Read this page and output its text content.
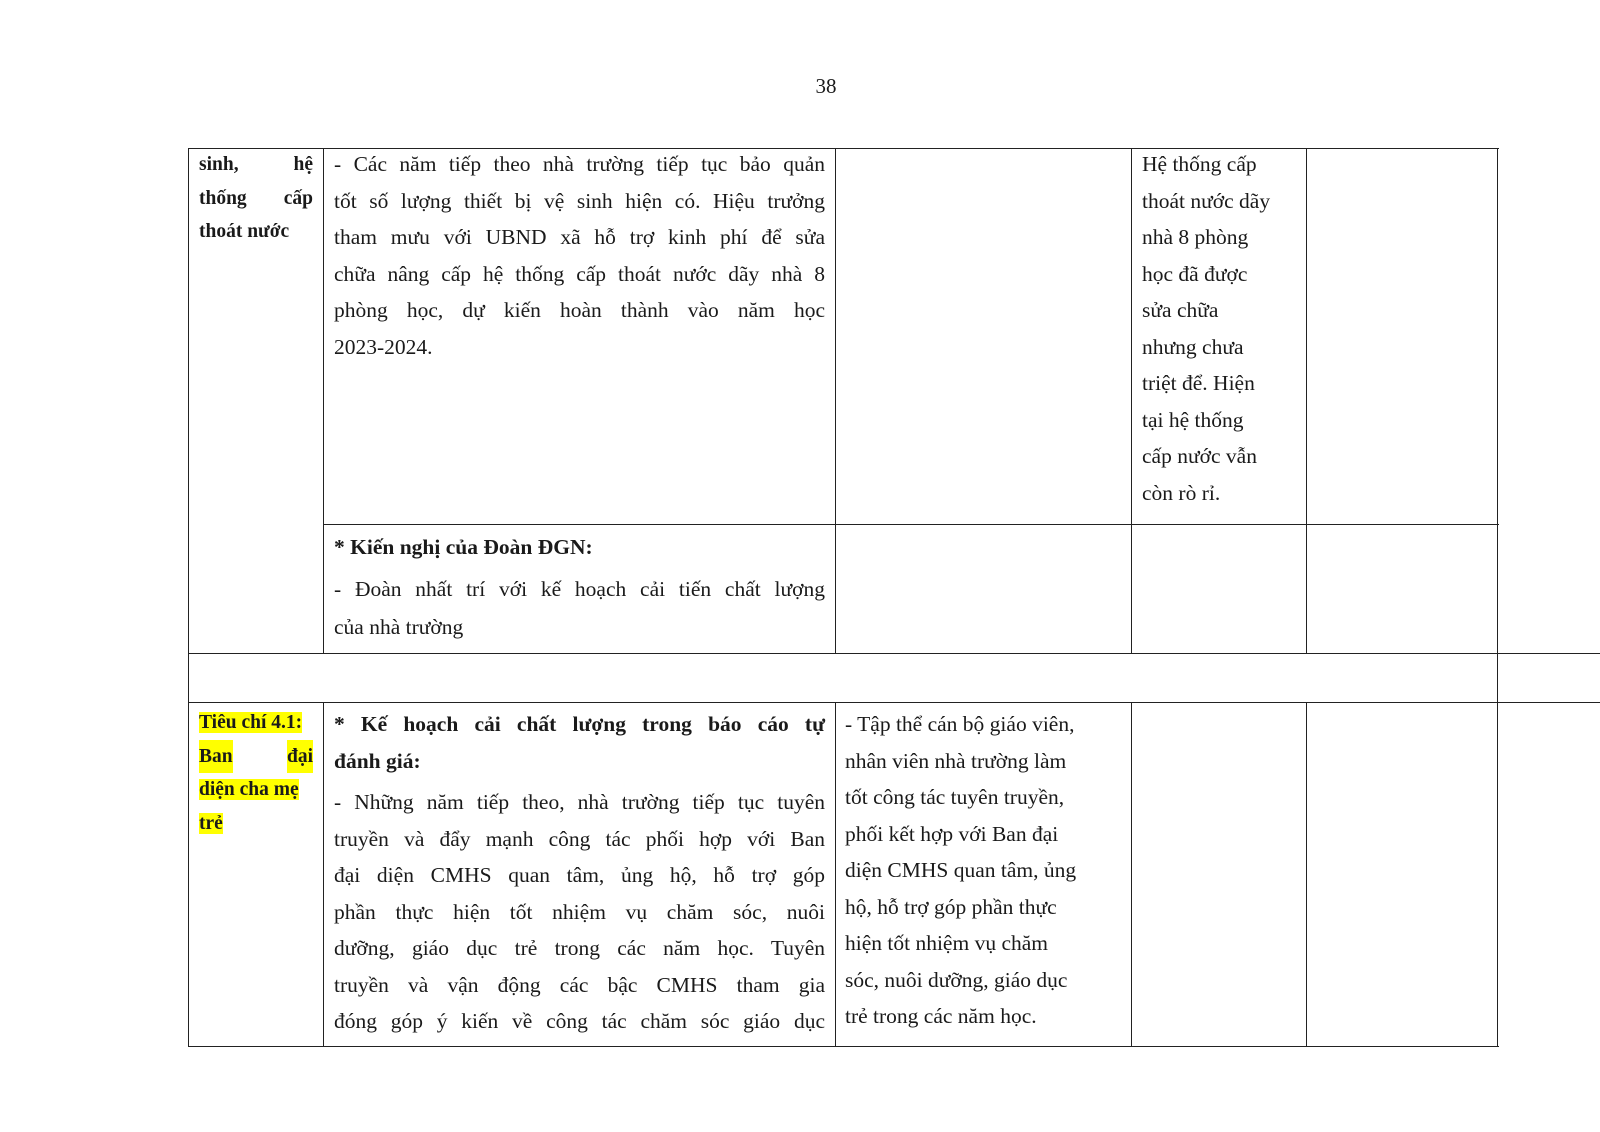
38
sinh,	hệ
thống cấp
thoát nước

- Các năm tiếp theo nhà trường tiếp tục bảo quản

tốt số lượng thiết bị vệ sinh hiện có. Hiệu trưởng

tham mưu với UBND xã hỗ trợ kinh phí để sửa

chữa nâng cấp hệ thống cấp thoát nước dãy nhà 8

phòng học, dự kiến hoàn thành vào năm học

2023-2024.

Hệ thống cấp

thoát nước dãy

nhà 8 phòng

học đã được

sửa chữa

nhưng chưa

triệt để. Hiện

tại hệ thống

cấp nước vẫn

còn rò rỉ.

* Kiến nghị của Đoàn ĐGN:

- Đoàn nhất trí với kế hoạch cải tiến chất lượng

của nhà trường

Tiêu chí 4.1:
Ban	đại
diện cha mẹ
trẻ

* Kế hoạch cải chất lượng trong báo cáo tự

đánh giá:

- Những năm tiếp theo, nhà trường tiếp tục tuyên

truyền và đẩy mạnh công tác phối hợp với Ban

đại diện CMHS quan tâm, ủng hộ, hỗ trợ góp

phần thực hiện tốt nhiệm vụ chăm sóc, nuôi

dưỡng, giáo dục trẻ trong các năm học. Tuyên

truyền và vận động các bậc CMHS tham gia

đóng góp ý kiến về công tác chăm sóc giáo dục

- Tập thể cán bộ giáo viên,

nhân viên nhà trường làm

tốt công tác tuyên truyền,

phối kết hợp với Ban đại

diện CMHS quan tâm, ủng

hộ, hỗ trợ góp phần thực

hiện tốt nhiệm vụ chăm

sóc, nuôi dưỡng, giáo dục

trẻ trong các năm học.
